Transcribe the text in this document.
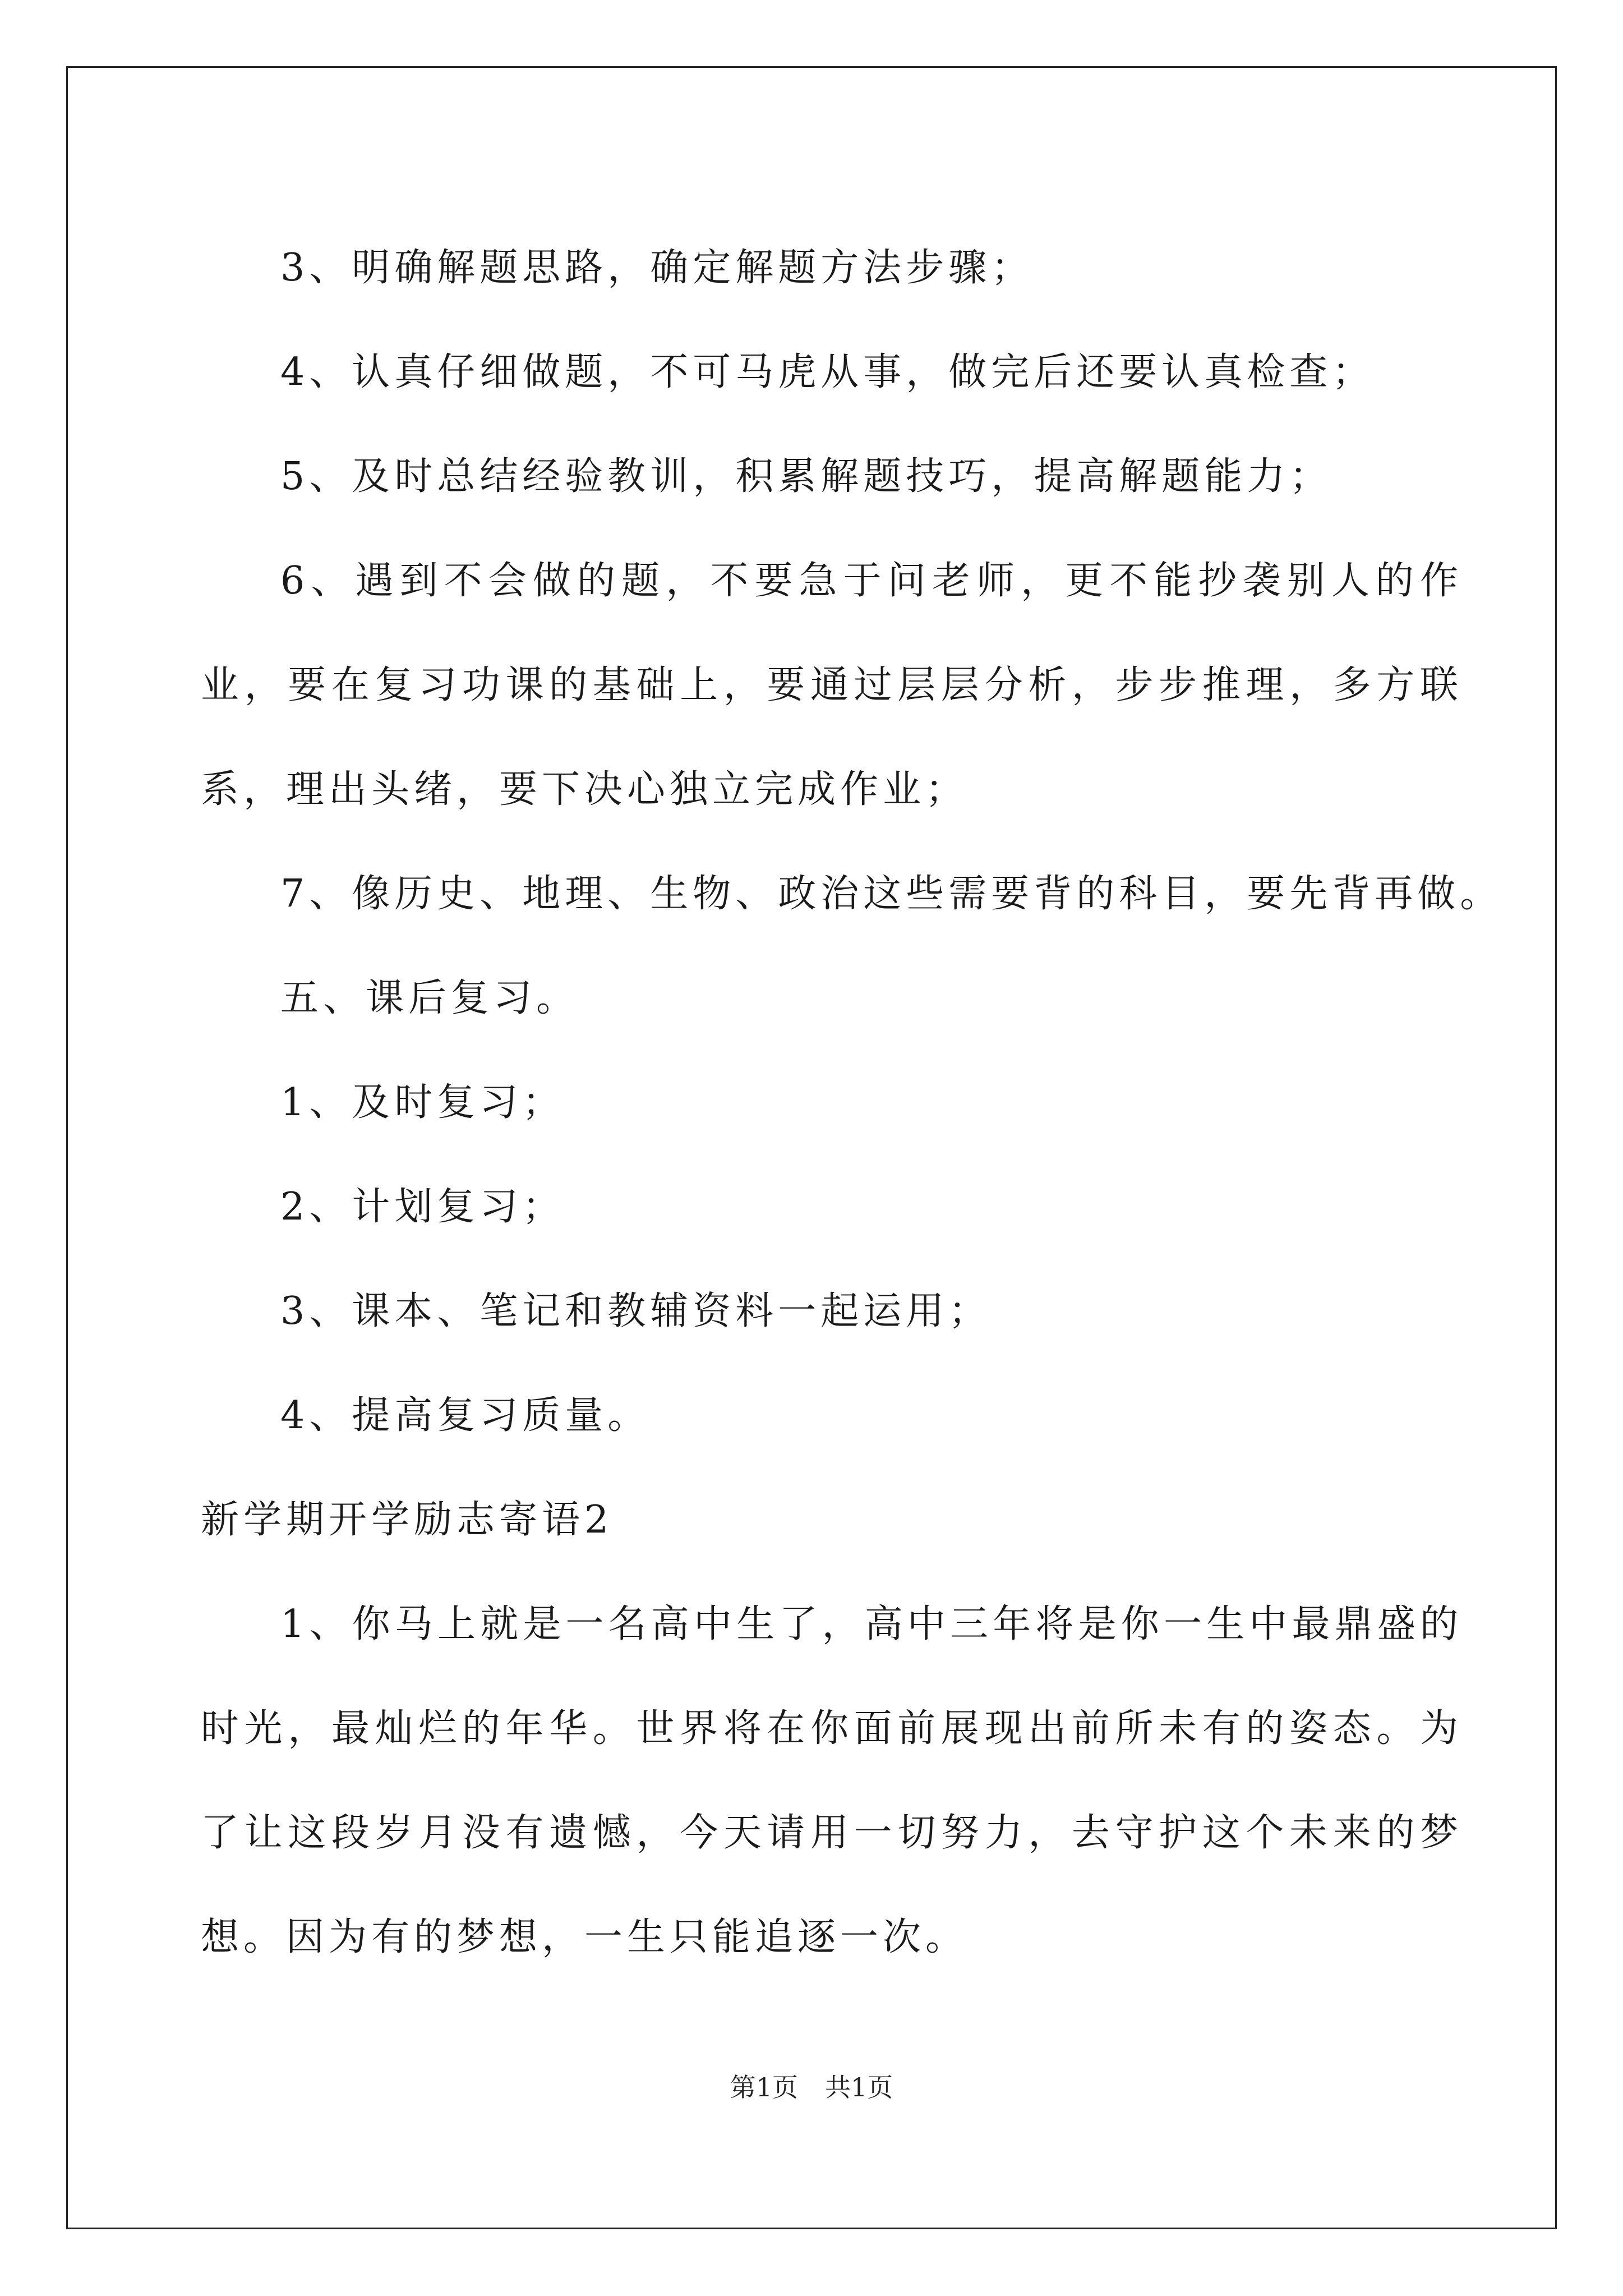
3、明确解题思路，确定解题方法步骤；

4、认真仔细做题，不可马虎从事，做完后还要认真检查；

5、及时总结经验教训，积累解题技巧，提高解题能力；

6、遇到不会做的题，不要急于问老师，更不能抄袭别人的作业，要在复习功课的基础上，要通过层层分析，步步推理，多方联系，理出头绪，要下决心独立完成作业；

7、像历史、地理、生物、政治这些需要背的科目，要先背再做。

五、课后复习。

1、及时复习；

2、计划复习；

3、课本、笔记和教辅资料一起运用；

4、提高复习质量。

新学期开学励志寄语2

1、你马上就是一名高中生了，高中三年将是你一生中最鼎盛的时光，最灿烂的年华。世界将在你面前展现出前所未有的姿态。为了让这段岁月没有遗憾，今天请用一切努力，去守护这个未来的梦想。因为有的梦想，一生只能追逐一次。

第1页 共1页
